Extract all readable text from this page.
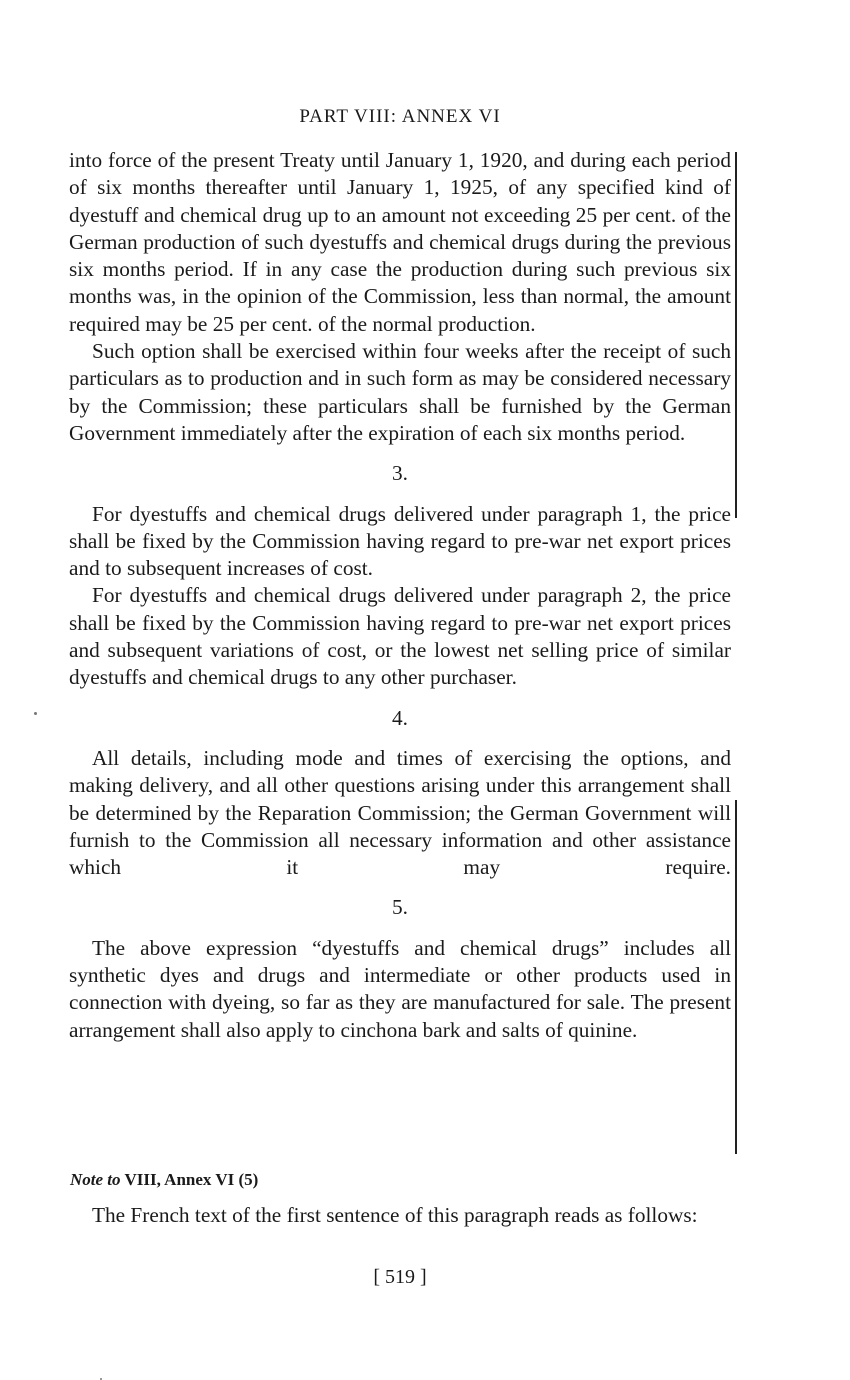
PART VIII: ANNEX VI

into force of the present Treaty until January 1, 1920, and during each period of six months thereafter until January 1, 1925, of any specified kind of dyestuff and chemical drug up to an amount not exceeding 25 per cent. of the German production of such dyestuffs and chemical drugs during the previous six months period. If in any case the production during such previous six months was, in the opinion of the Commission, less than normal, the amount required may be 25 per cent. of the normal production.

Such option shall be exercised within four weeks after the receipt of such particulars as to production and in such form as may be considered necessary by the Commission; these particulars shall be furnished by the German Government immediately after the expiration of each six months period.

3.

For dyestuffs and chemical drugs delivered under paragraph 1, the price shall be fixed by the Commission having regard to pre-war net export prices and to subsequent increases of cost.

For dyestuffs and chemical drugs delivered under paragraph 2, the price shall be fixed by the Commission having regard to pre-war net export prices and subsequent variations of cost, or the lowest net selling price of similar dyestuffs and chemical drugs to any other purchaser.

4.

All details, including mode and times of exercising the options, and making delivery, and all other questions arising under this arrangement shall be determined by the Reparation Commission; the German Government will furnish to the Commission all necessary information and other assistance which it may require.

5.

The above expression “dyestuffs and chemical drugs” includes all synthetic dyes and drugs and intermediate or other products used in connection with dyeing, so far as they are manufactured for sale. The present arrangement shall also apply to cinchona bark and salts of quinine.

Note to VIII, Annex VI (5)
The French text of the first sentence of this paragraph reads as follows:
[ 519 ]
